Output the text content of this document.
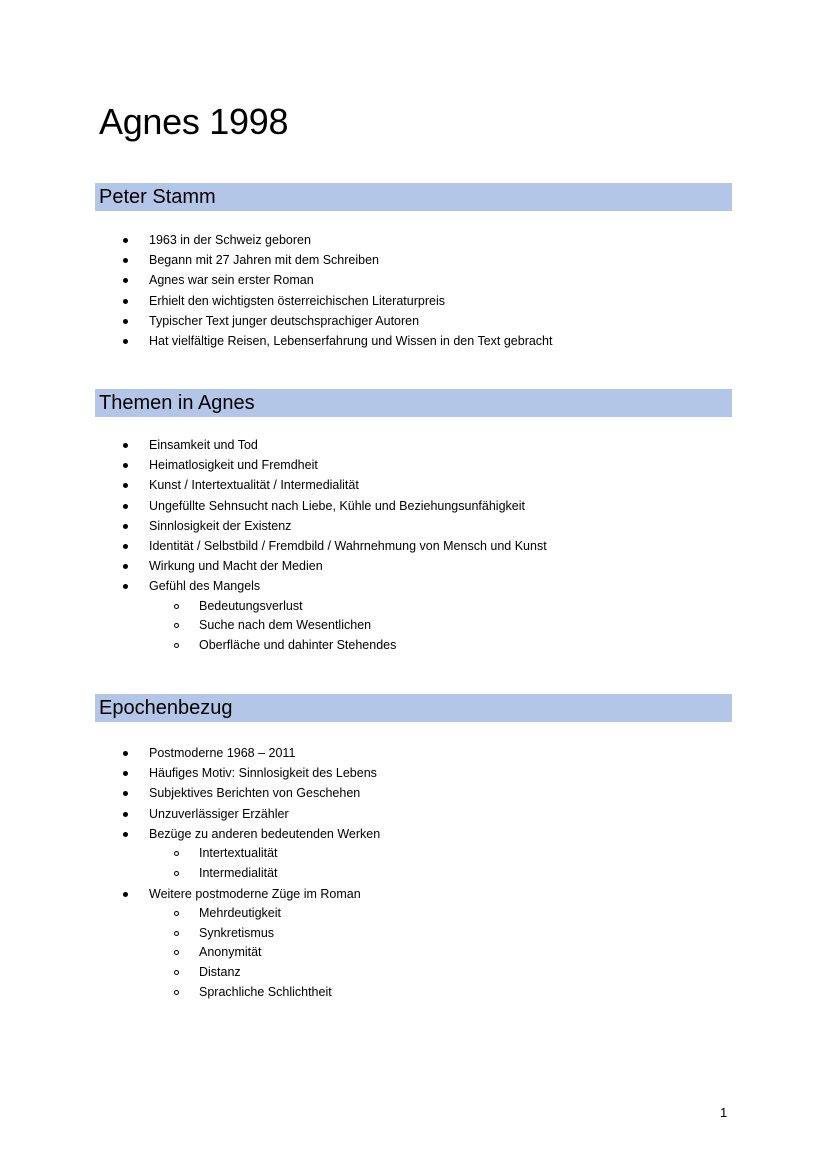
Agnes 1998
Peter Stamm
1963 in der Schweiz geboren
Begann mit 27 Jahren mit dem Schreiben
Agnes war sein erster Roman
Erhielt den wichtigsten österreichischen Literaturpreis
Typischer Text junger deutschsprachiger Autoren
Hat vielfältige Reisen, Lebenserfahrung und Wissen in den Text gebracht
Themen in Agnes
Einsamkeit und Tod
Heimatlosigkeit und Fremdheit
Kunst / Intertextualität / Intermedialität
Ungefüllte Sehnsucht nach Liebe, Kühle und Beziehungsunfähigkeit
Sinnlosigkeit der Existenz
Identität / Selbstbild / Fremdbild / Wahrnehmung von Mensch und Kunst
Wirkung und Macht der Medien
Gefühl des Mangels
Bedeutungsverlust
Suche nach dem Wesentlichen
Oberfläche und dahinter Stehendes
Epochenbezug
Postmoderne 1968 – 2011
Häufiges Motiv: Sinnlosigkeit des Lebens
Subjektives Berichten von Geschehen
Unzuverlässiger Erzähler
Bezüge zu anderen bedeutenden Werken
Intertextualität
Intermedialität
Weitere postmoderne Züge im Roman
Mehrdeutigkeit
Synkretismus
Anonymität
Distanz
Sprachliche Schlichtheit
1
